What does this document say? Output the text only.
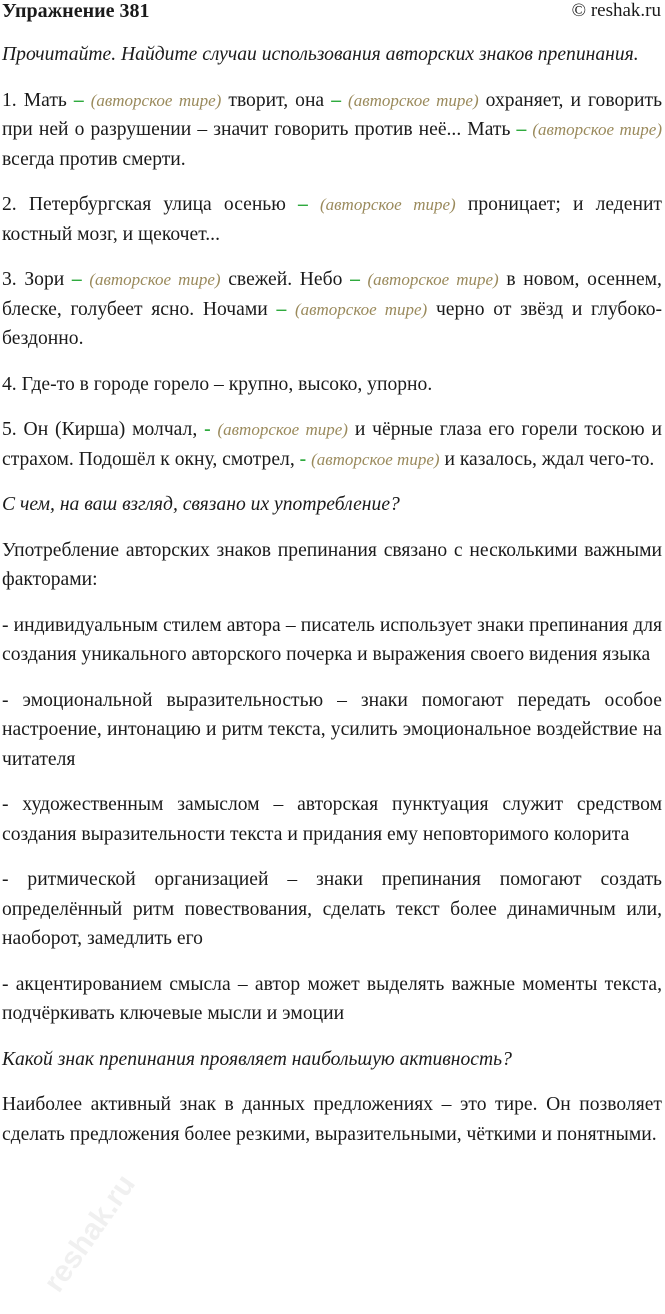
Упражнение 381	© reshak.ru

Прочитайте. Найдите случаи использования авторских знаков препинания.

1. Мать – (авторское тире) творит, она – (авторское тире) охраняет, и говорить при ней о разрушении – значит говорить против неё... Мать – (авторское тире) всегда против смерти.

2. Петербургская улица осенью – (авторское тире) проницает; и леденит костный мозг, и щекочет...

3. Зори – (авторское тире) свежей. Небо – (авторское тире) в новом, осеннем, блеске, голубеет ясно. Ночами – (авторское тире) черно от звёзд и глубоко-бездонно.

4. Где-то в городе горело – крупно, высоко, упорно.

5. Он (Кирша) молчал, - (авторское тире) и чёрные глаза его горели тоскою и страхом. Подошёл к окну, смотрел, - (авторское тире) и казалось, ждал чего-то.

С чем, на ваш взгляд, связано их употребление?

Употребление авторских знаков препинания связано с несколькими важными факторами:

- индивидуальным стилем автора – писатель использует знаки препинания для создания уникального авторского почерка и выражения своего видения языка

- эмоциональной выразительностью – знаки помогают передать особое настроение, интонацию и ритм текста, усилить эмоциональное воздействие на читателя

- художественным замыслом – авторская пунктуация служит средством создания выразительности текста и придания ему неповторимого колорита

- ритмической организацией – знаки препинания помогают создать определённый ритм повествования, сделать текст более динамичным или, наоборот, замедлить его

- акцентированием смысла – автор может выделять важные моменты текста, подчёркивать ключевые мысли и эмоции

Какой знак препинания проявляет наибольшую активность?

Наиболее активный знак в данных предложениях – это тире. Он позволяет сделать предложения более резкими, выразительными, чёткими и понятными.

reshak.ru
